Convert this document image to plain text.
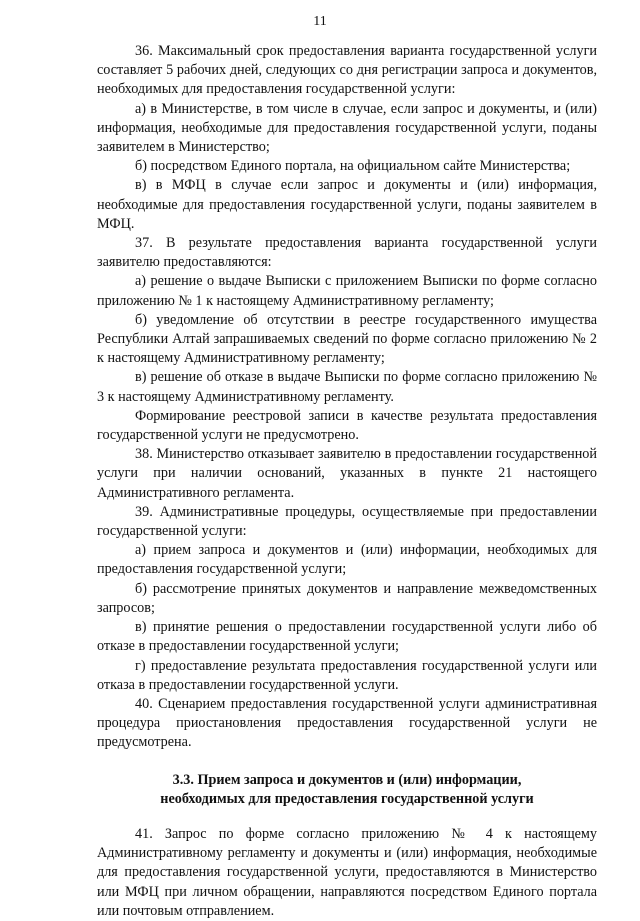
11

36. Максимальный срок предоставления варианта государственной услуги составляет 5 рабочих дней, следующих со дня регистрации запроса и документов, необходимых для предоставления государственной услуги:

а) в Министерстве, в том числе в случае, если запрос и документы, и (или) информация, необходимые для предоставления государственной услуги, поданы заявителем в Министерство;

б) посредством Единого портала, на официальном сайте Министерства;

в) в МФЦ в случае если запрос и документы и (или) информация, необходимые для предоставления государственной услуги, поданы заявителем в МФЦ.

37. В результате предоставления варианта государственной услуги заявителю предоставляются:

а) решение о выдаче Выписки с приложением Выписки по форме согласно приложению № 1 к настоящему Административному регламенту;

б) уведомление об отсутствии в реестре государственного имущества Республики Алтай запрашиваемых сведений по форме согласно приложению № 2 к настоящему Административному регламенту;

в) решение об отказе в выдаче Выписки по форме согласно приложению № 3 к настоящему Административному регламенту.

Формирование реестровой записи в качестве результата предоставления государственной услуги не предусмотрено.

38. Министерство отказывает заявителю в предоставлении государственной услуги при наличии оснований, указанных в пункте 21 настоящего Административного регламента.

39. Административные процедуры, осуществляемые при предоставлении государственной услуги:

а) прием запроса и документов и (или) информации, необходимых для предоставления государственной услуги;

б) рассмотрение принятых документов и направление межведомственных запросов;

в) принятие решения о предоставлении государственной услуги либо об отказе в предоставлении государственной услуги;

г) предоставление результата предоставления государственной услуги или отказа в предоставлении государственной услуги.

40. Сценарием предоставления государственной услуги административная процедура приостановления предоставления государственной услуги не предусмотрена.

3.3. Прием запроса и документов и (или) информации,
необходимых для предоставления государственной услуги

41. Запрос по форме согласно приложению № 4 к настоящему Административному регламенту и документы и (или) информация, необходимые для предоставления государственной услуги, предоставляются в Министерство или МФЦ при личном обращении, направляются посредством Единого портала или почтовым отправлением.
